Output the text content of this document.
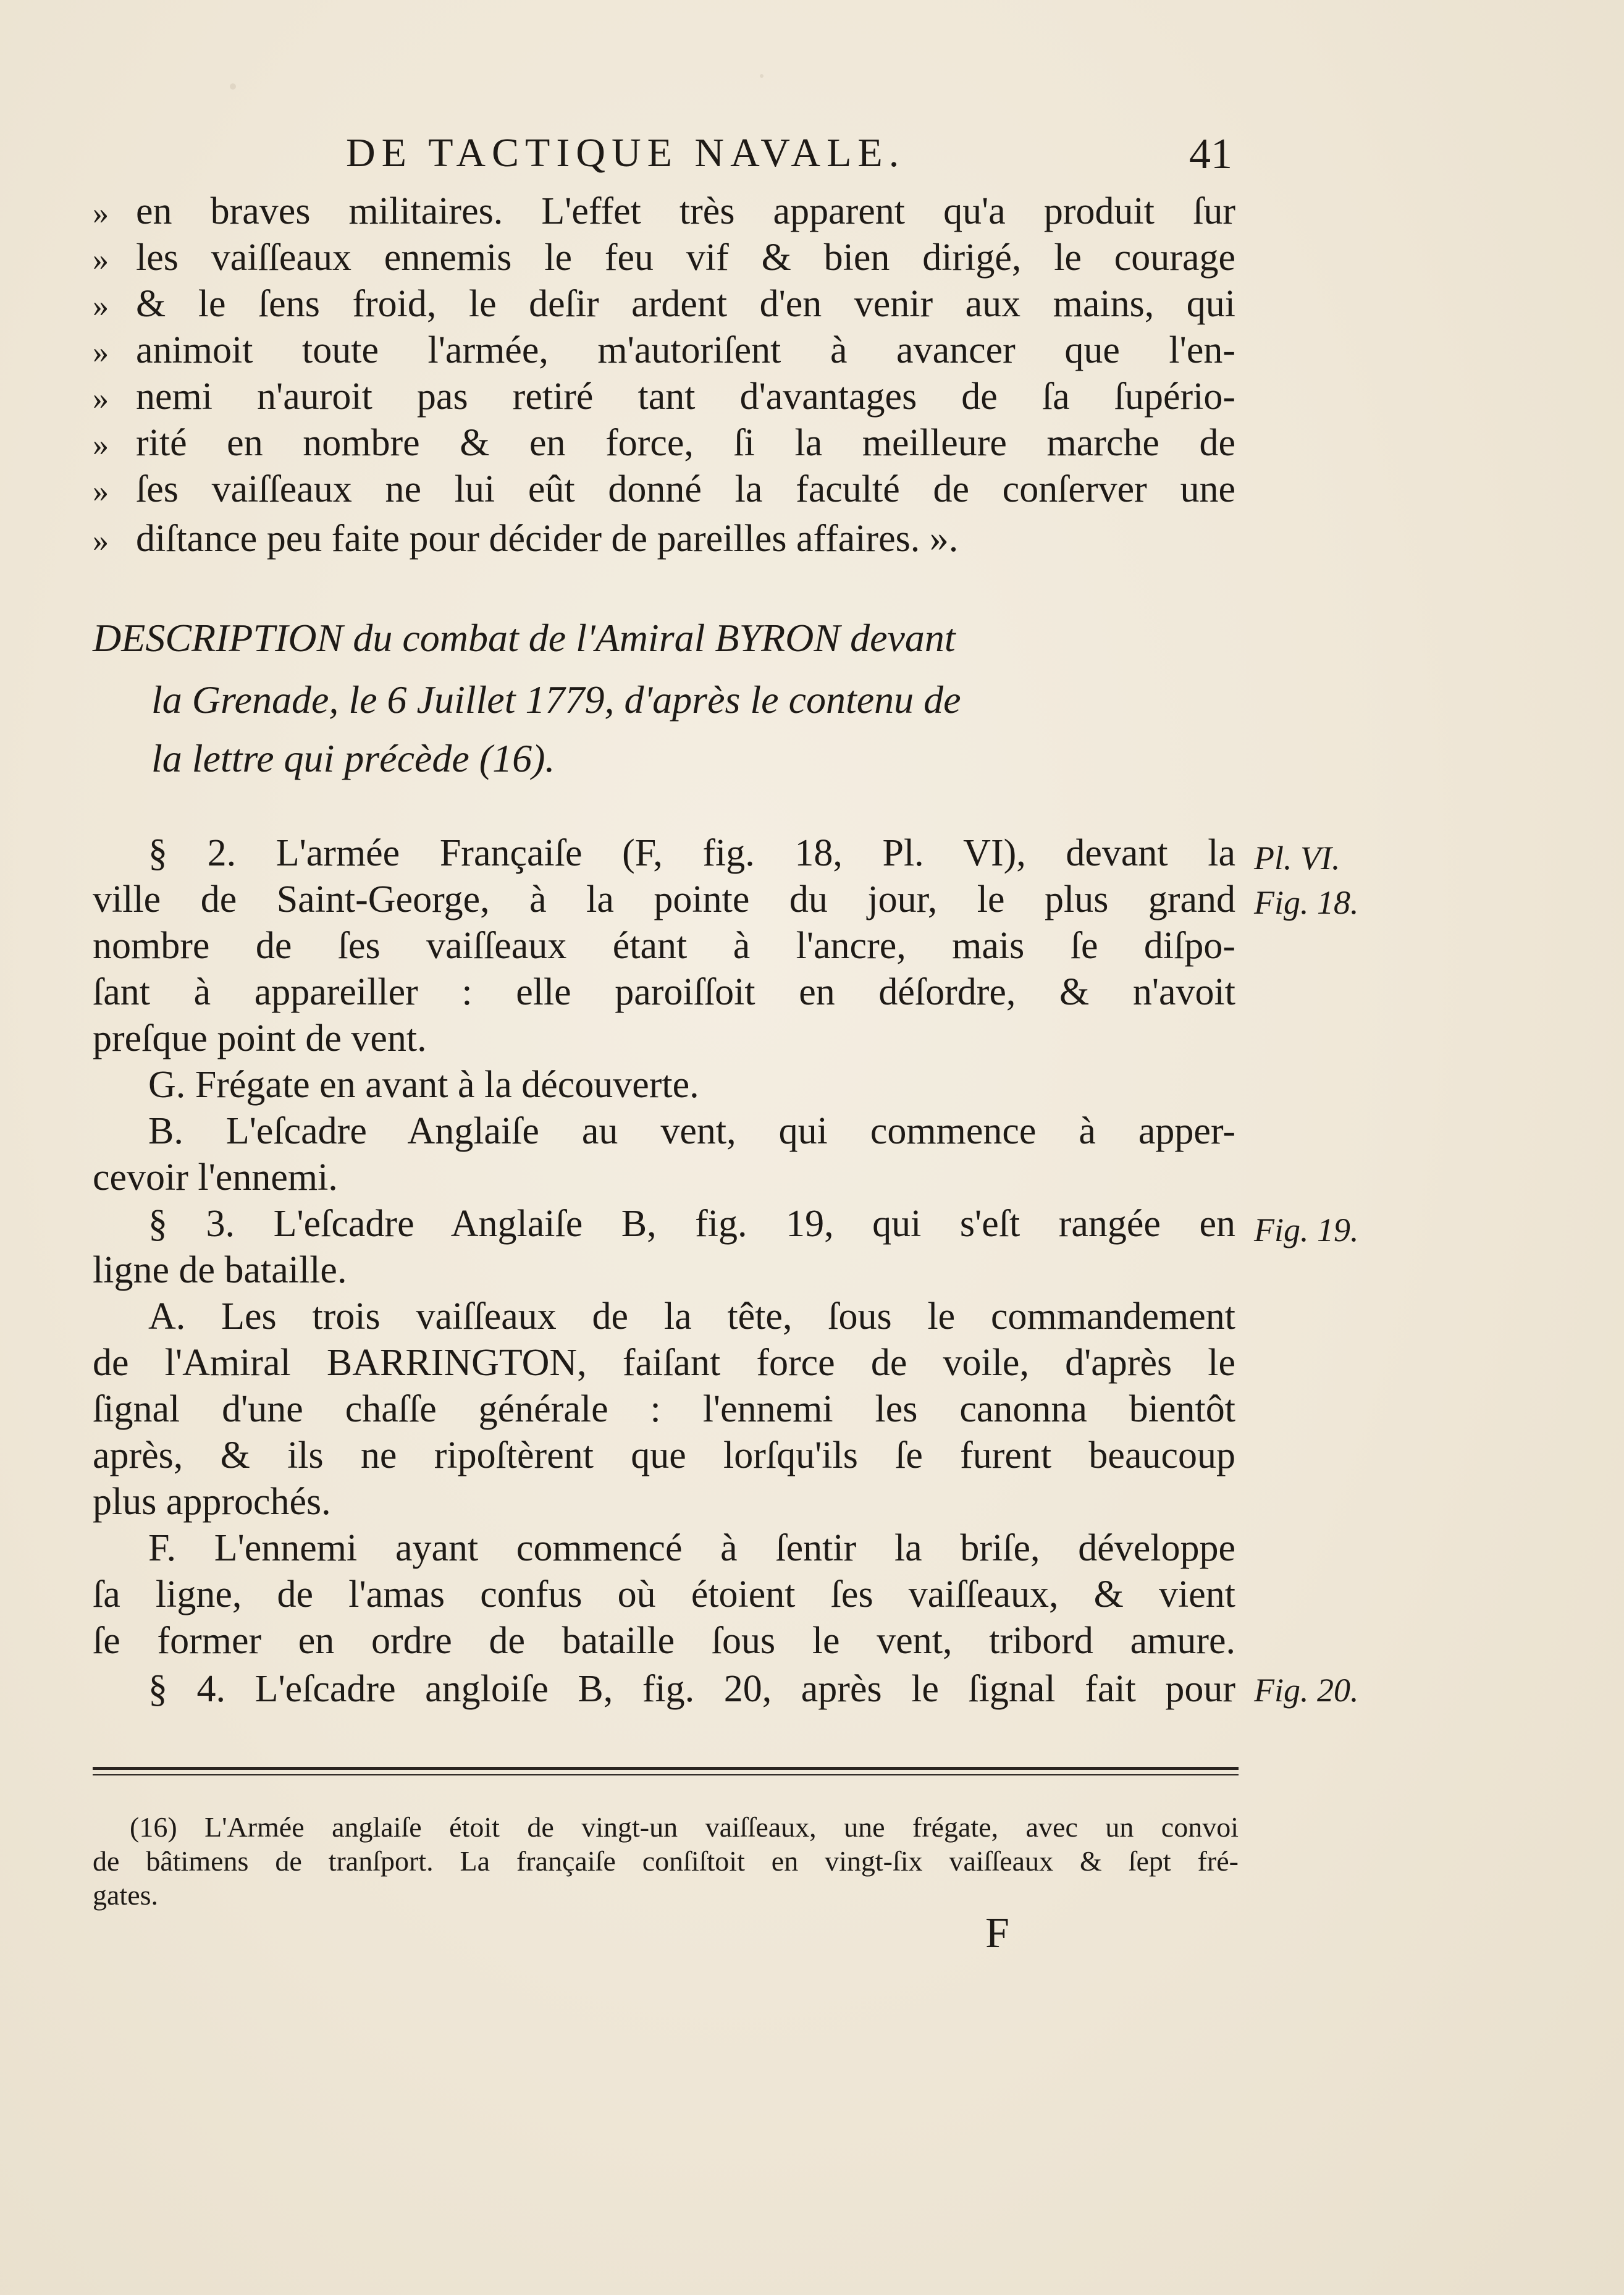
DE TACTIQUE NAVALE.	41
» en braves militaires. L'effet très apparent qu'a produit ſur
» les vaiſſeaux ennemis le feu vif & bien dirigé, le courage
» & le ſens froid, le deſir ardent d'en venir aux mains, qui
» animoit toute l'armée, m'autoriſent à avancer que l'en-
» nemi n'auroit pas retiré tant d'avantages de ſa ſupério-
» rité en nombre & en force, ſi la meilleure marche de
» ſes vaiſſeaux ne lui eût donné la faculté de conſerver une
» diſtance peu faite pour décider de pareilles affaires. ».
DESCRIPTION du combat de l'Amiral BYRON devant
la Grenade, le 6 Juillet 1779, d'après le contenu de
la lettre qui précède (16).
§ 2. L'armée Françaiſe (F, fig. 18, Pl. VI), devant la
ville de Saint-George, à la pointe du jour, le plus grand
nombre de ſes vaiſſeaux étant à l'ancre, mais ſe diſpo-
ſant à appareiller : elle paroiſſoit en déſordre, & n'avoit
preſque point de vent.
G. Frégate en avant à la découverte.
B. L'eſcadre Anglaiſe au vent, qui commence à apper-
cevoir l'ennemi.
§ 3. L'eſcadre Anglaiſe B, fig. 19, qui s'eſt rangée en
ligne de bataille.
A. Les trois vaiſſeaux de la tête, ſous le commandement
de l'Amiral BARRINGTON, faiſant force de voile, d'après le
ſignal d'une chaſſe générale : l'ennemi les canonna bientôt
après, & ils ne ripoſtèrent que lorſqu'ils ſe furent beaucoup
plus approchés.
F. L'ennemi ayant commencé à ſentir la briſe, développe
ſa ligne, de l'amas confus où étoient ſes vaiſſeaux, & vient
ſe former en ordre de bataille ſous le vent, tribord amure.
§ 4. L'eſcadre angloiſe B, fig. 20, après le ſignal fait pour
Pl. VI.
Fig. 18.
Fig. 19.
Fig. 20.
(16) L'Armée anglaiſe étoit de vingt-un vaiſſeaux, une frégate, avec un convoi
de bâtimens de tranſport. La françaiſe conſiſtoit en vingt-ſix vaiſſeaux & ſept fré-
gates.
F
